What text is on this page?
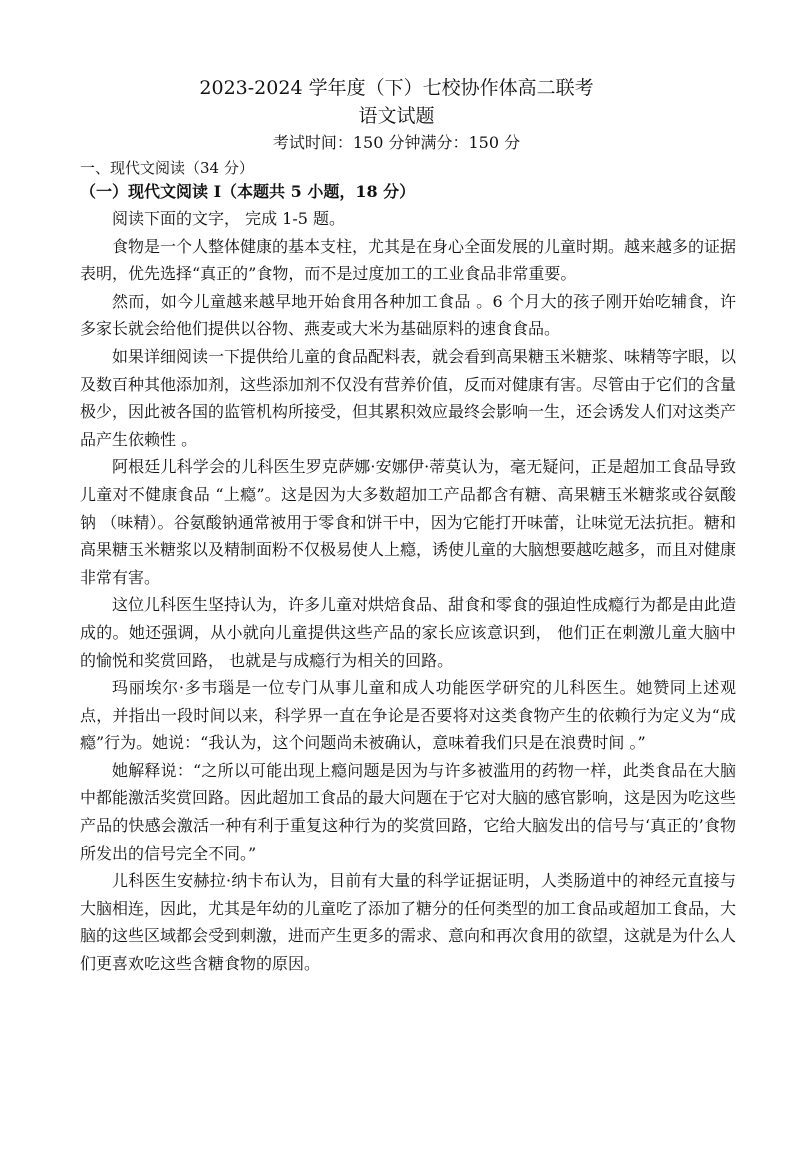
2023-2024 学年度（下）七校协作体高二联考
语文试题
考试时间：150 分钟满分：150 分
一、现代文阅读（34 分）
（一）现代文阅读 I（本题共 5 小题，18 分）

阅读下面的文字， 完成 1-5 题。

食物是一个人整体健康的基本支柱，尤其是在身心全面发展的儿童时期。越来越多的证据表明，优先选择“真正的”食物，而不是过度加工的工业食品非常重要。

然而，如今儿童越来越早地开始食用各种加工食品 。6 个月大的孩子刚开始吃辅食，许多家长就会给他们提供以谷物、燕麦或大米为基础原料的速食食品。

如果详细阅读一下提供给儿童的食品配料表，就会看到高果糖玉米糖浆、味精等字眼，以及数百种其他添加剂，这些添加剂不仅没有营养价值，反而对健康有害。尽管由于它们的含量极少，因此被各国的监管机构所接受，但其累积效应最终会影响一生，还会诱发人们对这类产品产生依赖性 。

阿根廷儿科学会的儿科医生罗克萨娜·安娜伊·蒂莫认为，毫无疑问，正是超加工食品导致儿童对不健康食品 “上瘾”。这是因为大多数超加工产品都含有糖、高果糖玉米糖浆或谷氨酸钠 （味精）。谷氨酸钠通常被用于零食和饼干中，因为它能打开味蕾，让味觉无法抗拒。糖和高果糖玉米糖浆以及精制面粉不仅极易使人上瘾，诱使儿童的大脑想要越吃越多，而且对健康非常有害。

这位儿科医生坚持认为，许多儿童对烘焙食品、甜食和零食的强迫性成瘾行为都是由此造成的。她还强调，从小就向儿童提供这些产品的家长应该意识到， 他们正在刺激儿童大脑中的愉悦和奖赏回路， 也就是与成瘾行为相关的回路。

玛丽埃尔·多韦瑙是一位专门从事儿童和成人功能医学研究的儿科医生。她赞同上述观点，并指出一段时间以来，科学界一直在争论是否要将对这类食物产生的依赖行为定义为“成瘾”行为。她说：“我认为，这个问题尚未被确认，意味着我们只是在浪费时间 。”

她解释说：“之所以可能出现上瘾问题是因为与许多被滥用的药物一样，此类食品在大脑中都能激活奖赏回路。因此超加工食品的最大问题在于它对大脑的感官影响，这是因为吃这些产品的快感会激活一种有利于重复这种行为的奖赏回路，它给大脑发出的信号与‘真正的’食物所发出的信号完全不同。”

儿科医生安赫拉·纳卡布认为，目前有大量的科学证据证明，人类肠道中的神经元直接与大脑相连，因此，尤其是年幼的儿童吃了添加了糖分的任何类型的加工食品或超加工食品，大脑的这些区域都会受到刺激，进而产生更多的需求、意向和再次食用的欲望，这就是为什么人们更喜欢吃这些含糖食物的原因。
